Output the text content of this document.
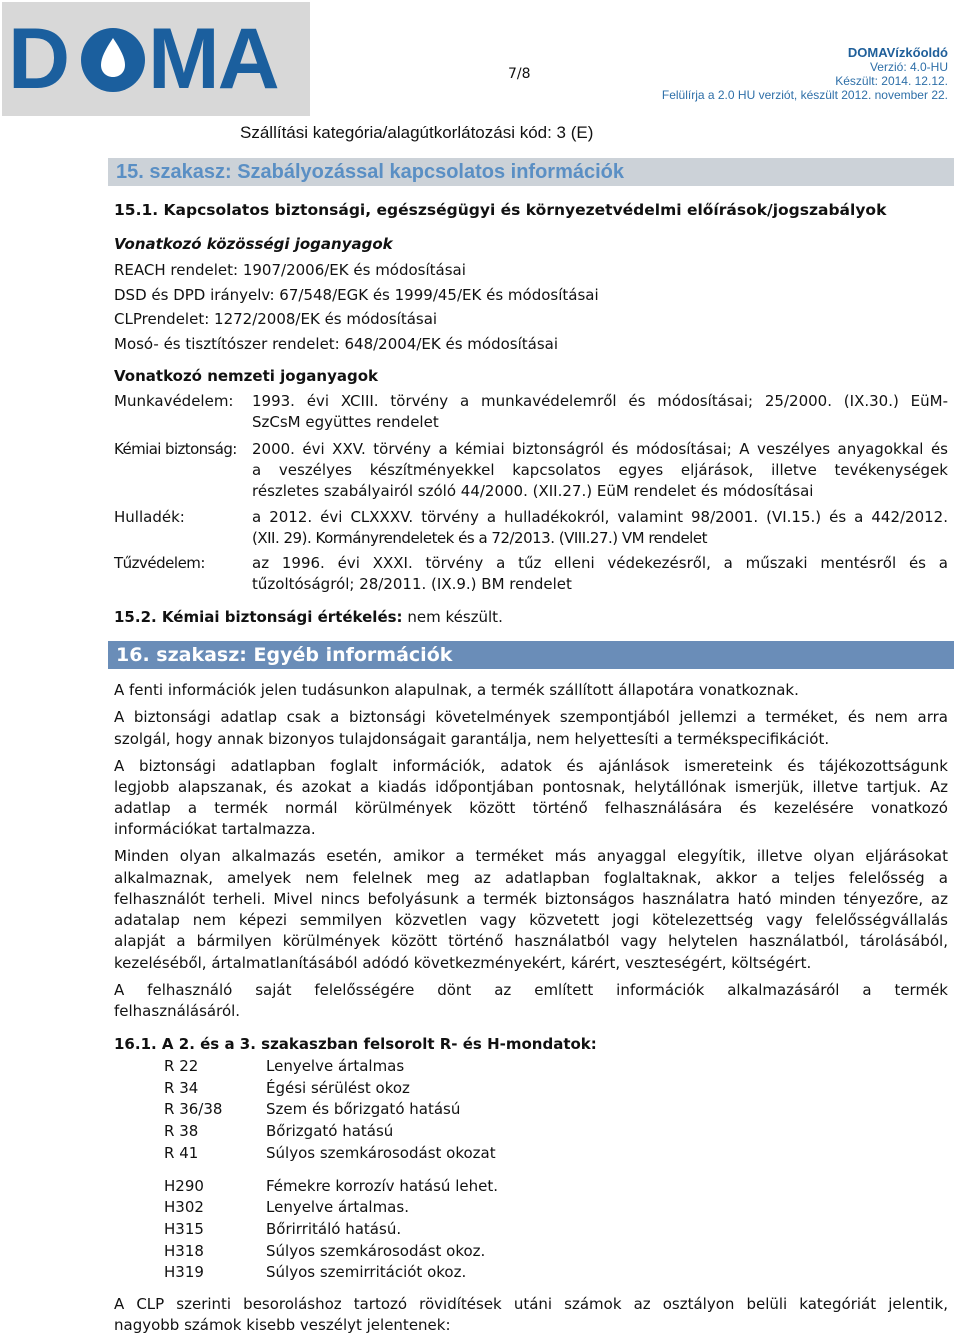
D MA	7/8
DOMAVízkőoldó
Verzió: 4.0-HU
Készült: 2014. 12.12.
Felülírja a 2.0 HU verziót, készült 2012. november 22.
Szállítási kategória/alagútkorlátozási kód: 3 (E)
15. szakasz: Szabályozással kapcsolatos információk
15.1. Kapcsolatos biztonsági, egészségügyi és környezetvédelmi előírások/jogszabályok
Vonatkozó közösségi joganyagok
REACH rendelet: 1907/2006/EK és módosításai
DSD és DPD irányelv: 67/548/EGK és 1999/45/EK és módosításai
CLPrendelet: 1272/2008/EK és módosításai
Mosó- és tisztítószer rendelet: 648/2004/EK és módosításai
Vonatkozó nemzeti joganyagok
Munkavédelem: 1993. évi XCIII. törvény a munkavédelemről és módosításai; 25/2000. (IX.30.) EüM-
SzCsM együttes rendelet
Kémiai biztonság: 2000. évi XXV. törvény a kémiai biztonságról és módosításai; A veszélyes anyagokkal és
a veszélyes készítményekkel kapcsolatos egyes eljárások, illetve tevékenységek
részletes szabályairól szóló 44/2000. (XII.27.) EüM rendelet és módosításai
Hulladék:	a 2012. évi CLXXXV. törvény a hulladékokról, valamint 98/2001. (VI.15.) és a 442/2012.
(XII. 29). Kormányrendeletek és a 72/2013. (VIII.27.) VM rendelet
Tűzvédelem:	az 1996. évi XXXI. törvény a tűz elleni védekezésről, a műszaki mentésről és a
tűzoltóságról; 28/2011. (IX.9.) BM rendelet
15.2. Kémiai biztonsági értékelés: nem készült.
16. szakasz: Egyéb információk
A fenti információk jelen tudásunkon alapulnak, a termék szállított állapotára vonatkoznak.
A biztonsági adatlap csak a biztonsági követelmények szempontjából jellemzi a terméket, és nem arra
szolgál, hogy annak bizonyos tulajdonságait garantálja, nem helyettesíti a termékspecifikációt.
A biztonsági adatlapban foglalt információk, adatok és ajánlások ismereteink és tájékozottságunk
legjobb alapszanak, és azokat a kiadás időpontjában pontosnak, helytállónak ismerjük, illetve tartjuk. Az
adatlap a termék normál körülmények között történő felhasználására és kezelésére vonatkozó
információkat tartalmazza.
Minden olyan alkalmazás esetén, amikor a terméket más anyaggal elegyítik, illetve olyan eljárásokat
alkalmaznak, amelyek nem felelnek meg az adatlapban foglaltaknak, akkor a teljes felelősség a
felhasználót terheli. Mivel nincs befolyásunk a termék biztonságos használatra ható minden tényezőre, az
adatalap nem képezi semmilyen közvetlen vagy közvetett jogi kötelezettség vagy felelősségvállalás
alapját a bármilyen körülmények között történő használatból vagy helytelen használatból, tárolásából,
kezeléséből, ártalmatlanításából adódó következményekért, kárért, veszteségért, költségért.
A felhasználó saját felelősségére dönt az említett információk alkalmazásáról a termék
felhasználásáról.
16.1. A 2. és a 3. szakaszban felsorolt R- és H-mondatok:
R 22	Lenyelve ártalmas
R 34	Égési sérülést okoz
R 36/38	Szem és bőrizgató hatású
R 38	Bőrizgató hatású
R 41	Súlyos szemkárosodást okozat
H290	Fémekre korrozív hatású lehet.
H302	Lenyelve ártalmas.
H315	Bőrirritáló hatású.
H318	Súlyos szemkárosodást okoz.
H319	Súlyos szemirritációt okoz.
A CLP szerinti besoroláshoz tartozó rövidítések utáni számok az osztályon belüli kategóriát jelentik,
nagyobb számok kisebb veszélyt jelentenek:
